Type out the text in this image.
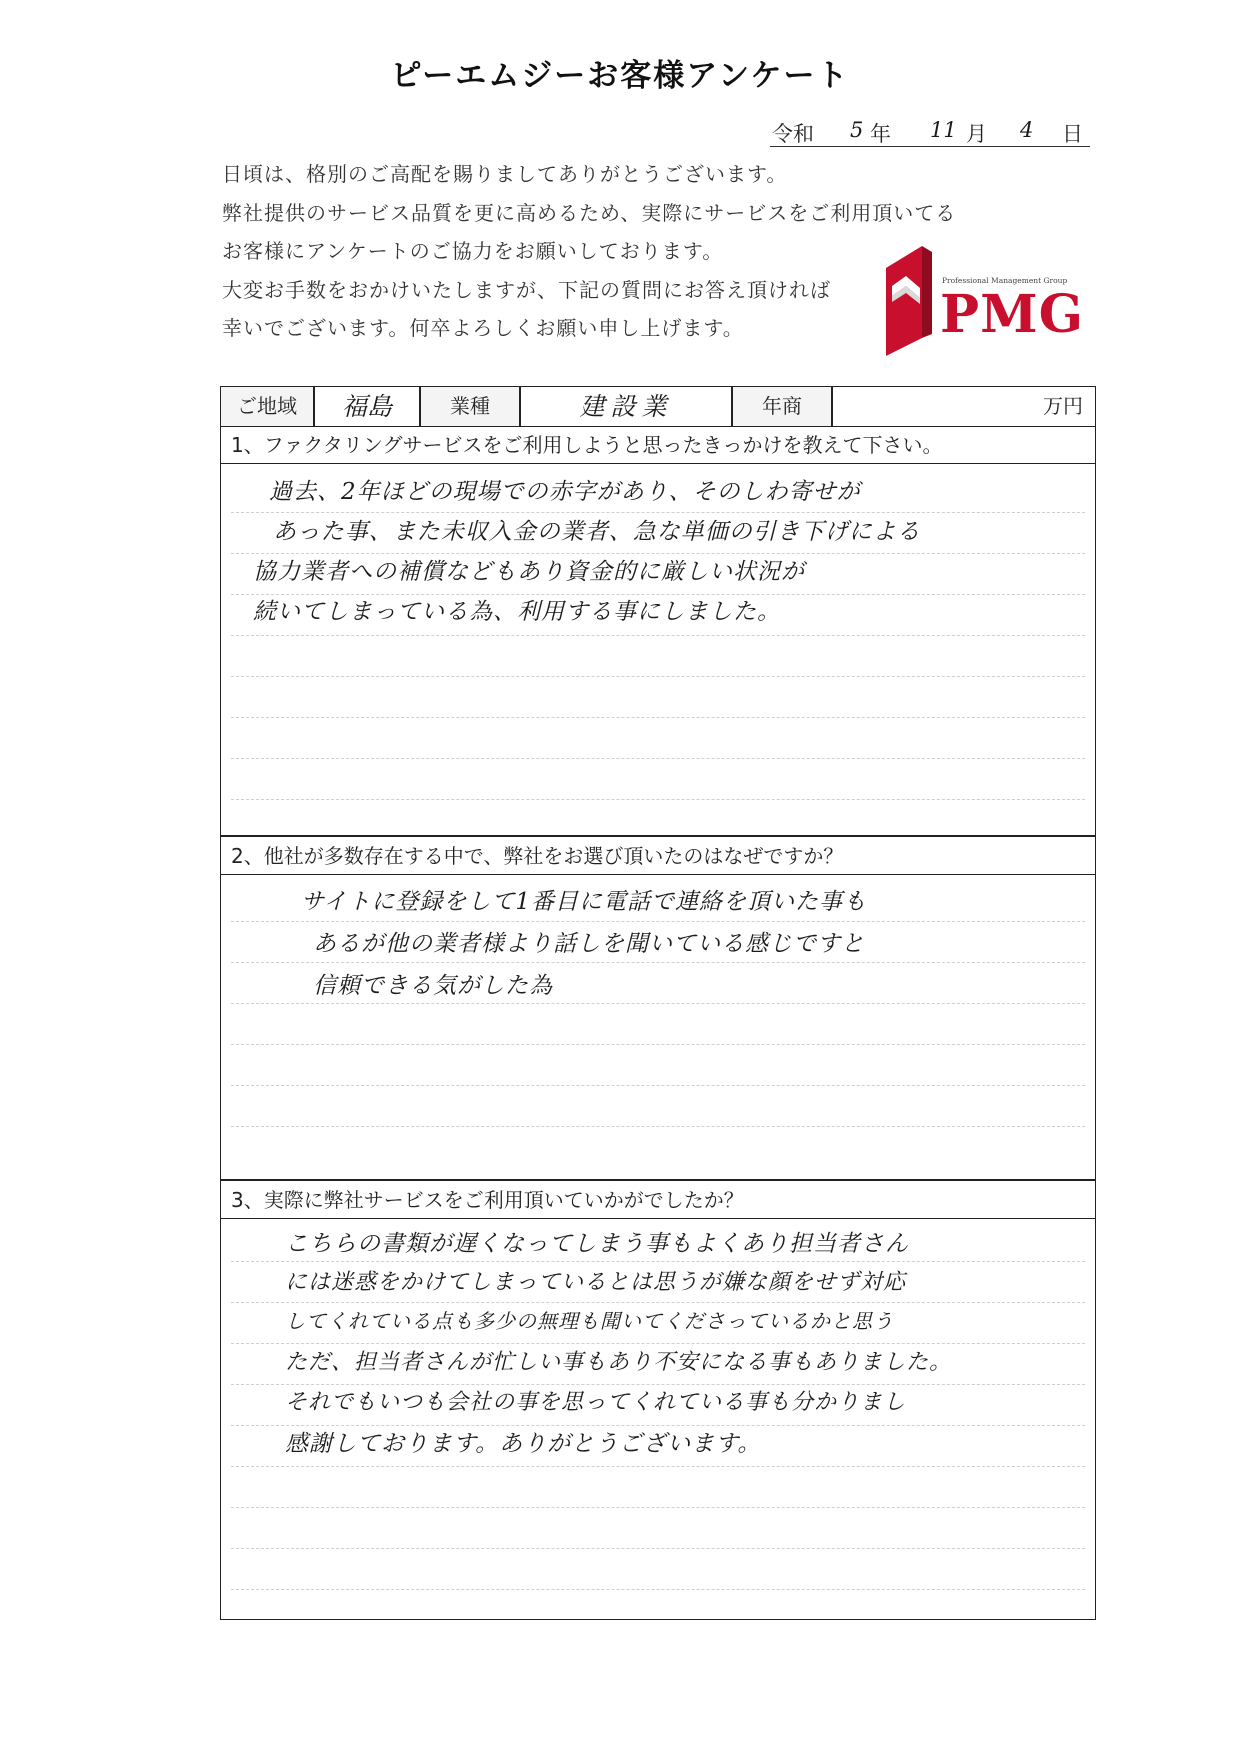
ピーエムジーお客様アンケート
令和 5 年 11 月 4 日
日頃は、格別のご高配を賜りましてありがとうございます。
弊社提供のサービス品質を更に高めるため、実際にサービスをご利用頂いてる
お客様にアンケートのご協力をお願いしております。
大変お手数をおかけいたしますが、下記の質問にお答え頂ければ
幸いでございます。何卒よろしくお願い申し上げます。
Professional Management Group
PMG
ご地域	福島	業種	建設業	年商	万円
1、ファクタリングサービスをご利用しようと思ったきっかけを教えて下さい。
過去、2年ほどの現場での赤字があり、そのしわ寄せが
あった事、また未収入金の業者、急な単価の引き下げによる
協力業者への補償などもあり資金的に厳しい状況が
続いてしまっている為、利用する事にしました。
2、他社が多数存在する中で、弊社をお選び頂いたのはなぜですか？
サイトに登録をして1番目に電話で連絡を頂いた事も
あるが他の業者様より話しを聞いている感じですと
信頼できる気がした為
3、実際に弊社サービスをご利用頂いていかがでしたか？
こちらの書類が遅くなってしまう事もよくあり担当者さん
には迷惑をかけてしまっているとは思うが嫌な顔をせず対応
してくれている点も多少の無理も聞いてくださっているかと思う
ただ、担当者さんが忙しい事もあり不安になる事もありました。
それでもいつも会社の事を思ってくれている事も分かりまし
感謝しております。ありがとうございます。
